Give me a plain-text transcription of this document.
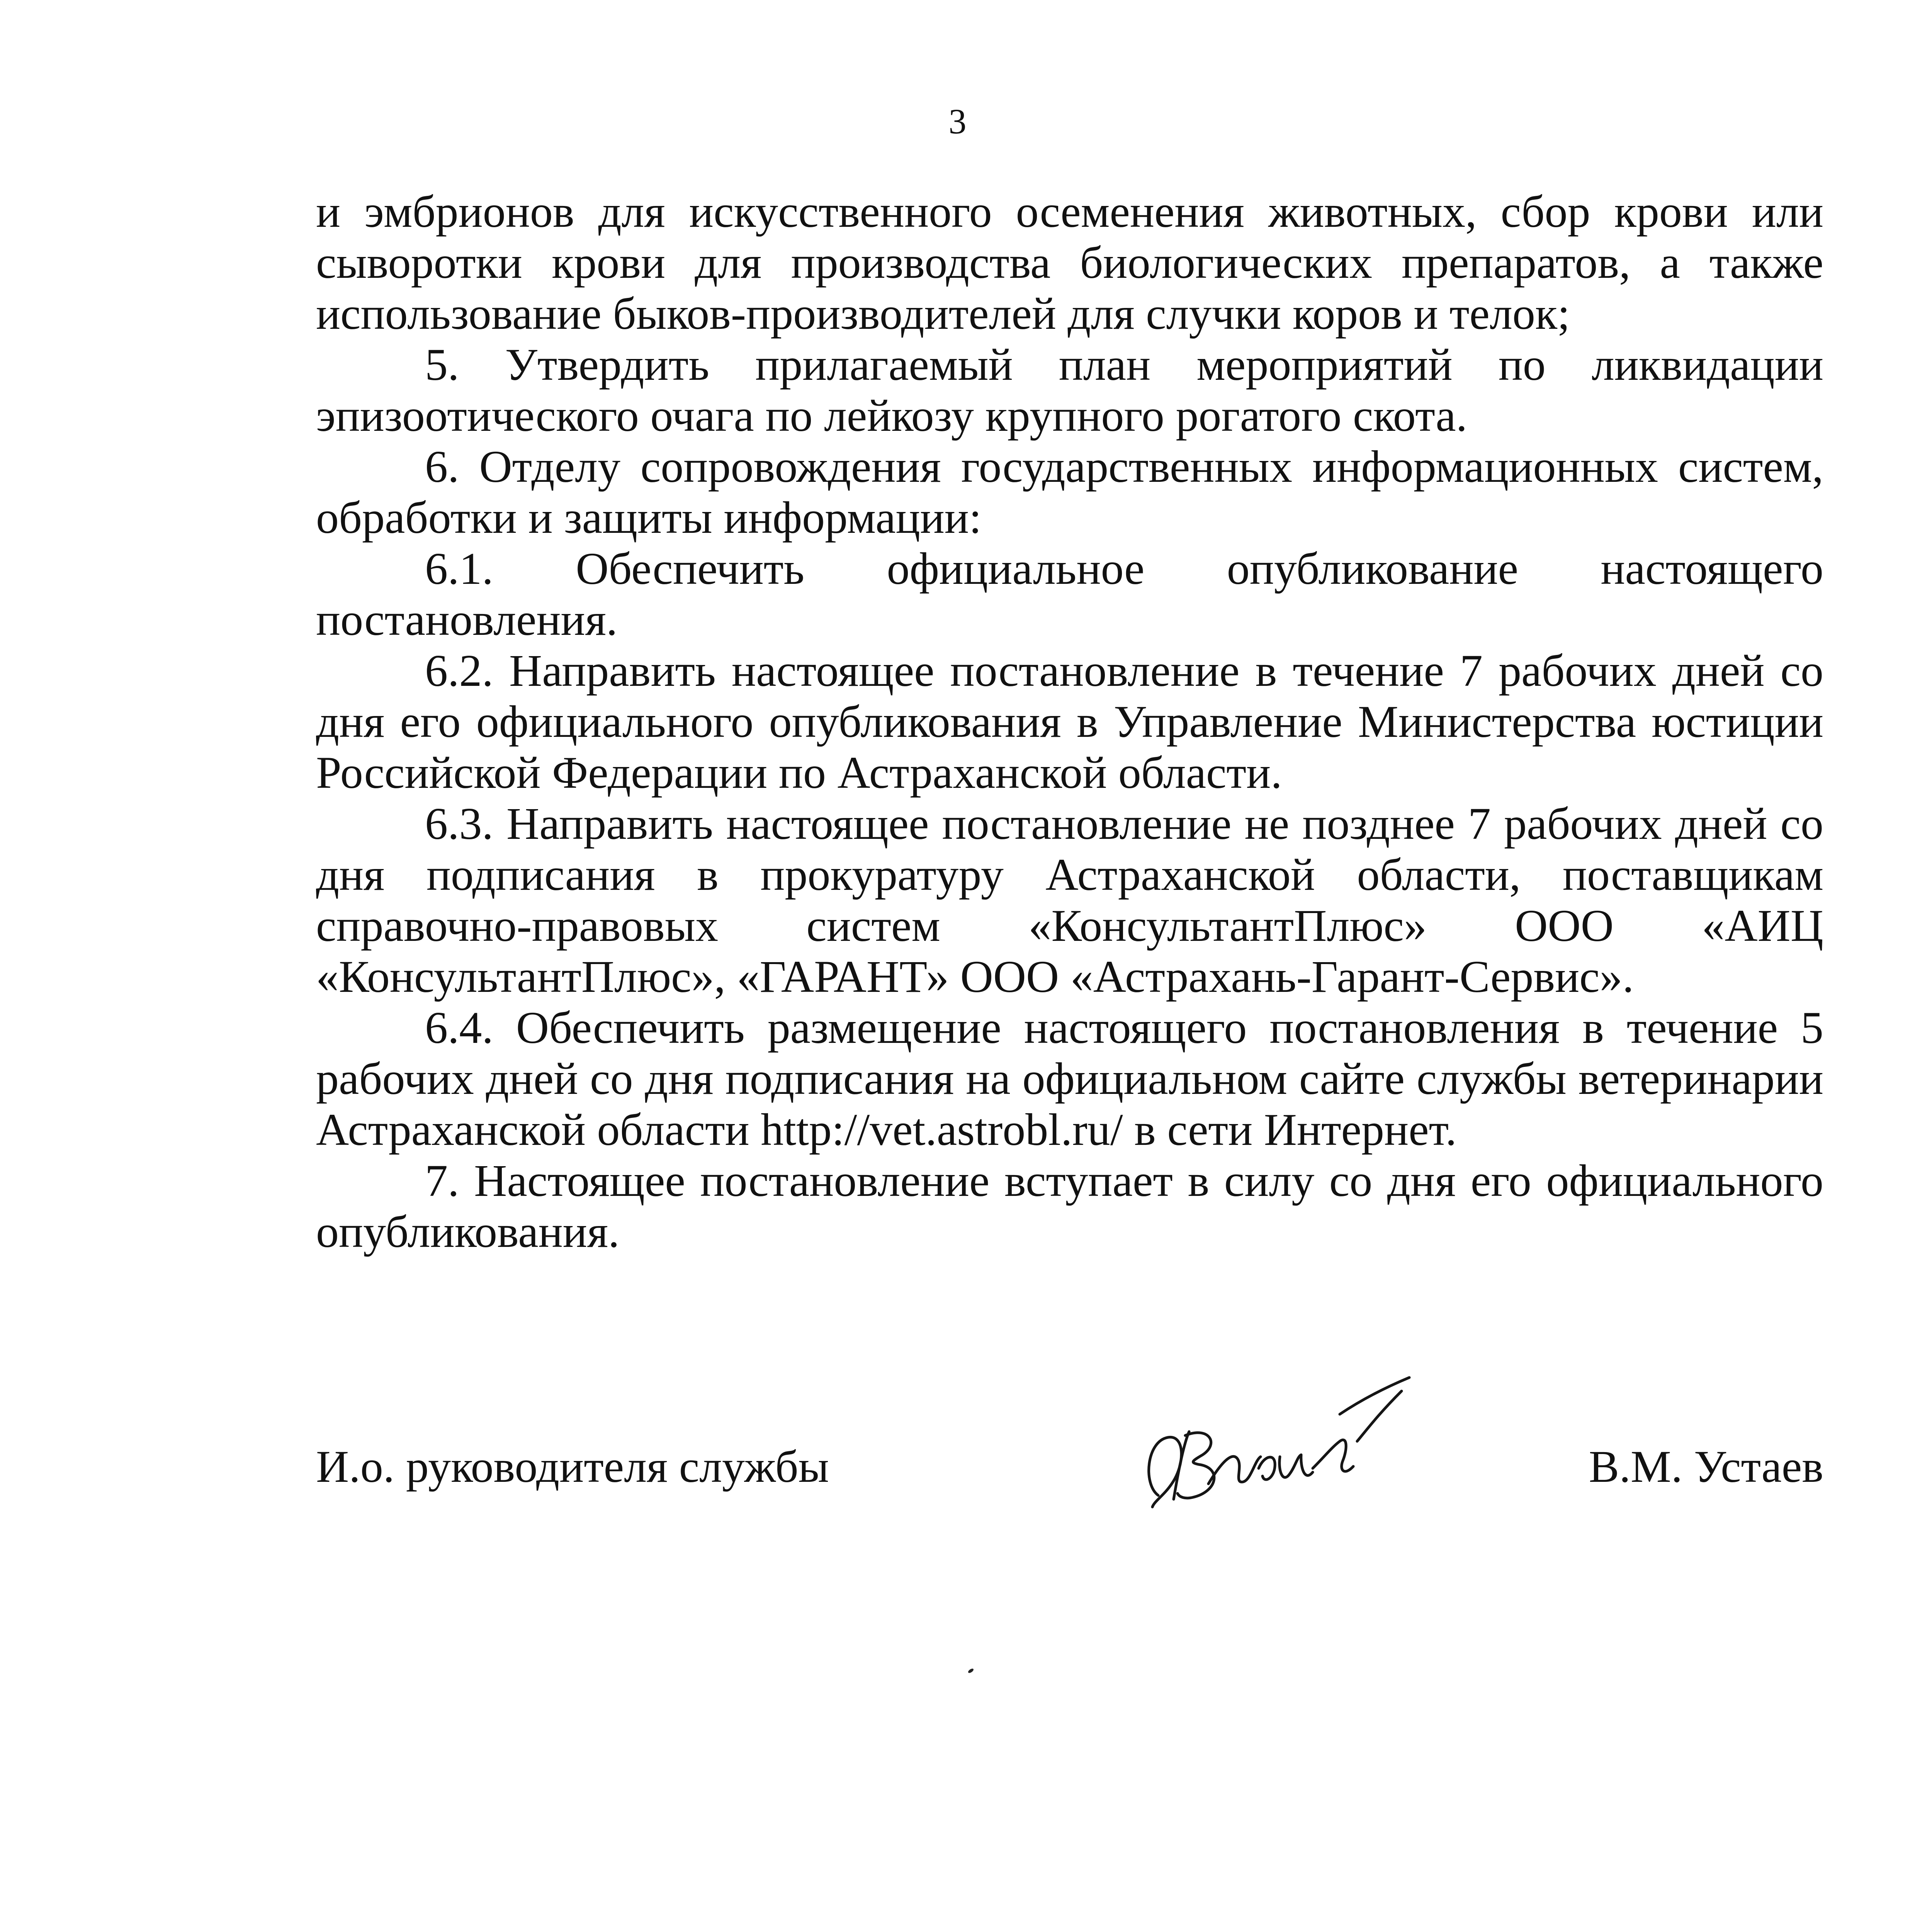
3

и эмбрионов для искусственного осеменения животных, сбор крови или сыворотки крови для производства биологических препаратов, а также использование быков-производителей для случки коров и телок;

5. Утвердить прилагаемый план мероприятий по ликвидации эпизоотического очага по лейкозу крупного рогатого скота.

6. Отделу сопровождения государственных информационных систем, обработки и защиты информации:

6.1. Обеспечить официальное опубликование настоящего постановления.

6.2. Направить настоящее постановление в течение 7 рабочих дней со дня его официального опубликования в Управление Министерства юстиции Российской Федерации по Астраханской области.

6.3. Направить настоящее постановление не позднее 7 рабочих дней со дня подписания в прокуратуру Астраханской области, поставщикам справочно-правовых систем «КонсультантПлюс» ООО «АИЦ «КонсультантПлюс», «ГАРАНТ» ООО «Астрахань-Гарант-Сервис».

6.4. Обеспечить размещение настоящего постановления в течение 5 рабочих дней со дня подписания на официальном сайте службы ветеринарии Астраханской области http://vet.astrobl.ru/ в сети Интернет.

7. Настоящее постановление вступает в силу со дня его официального опубликования.

И.о. руководителя службы	В.М. Устаев
